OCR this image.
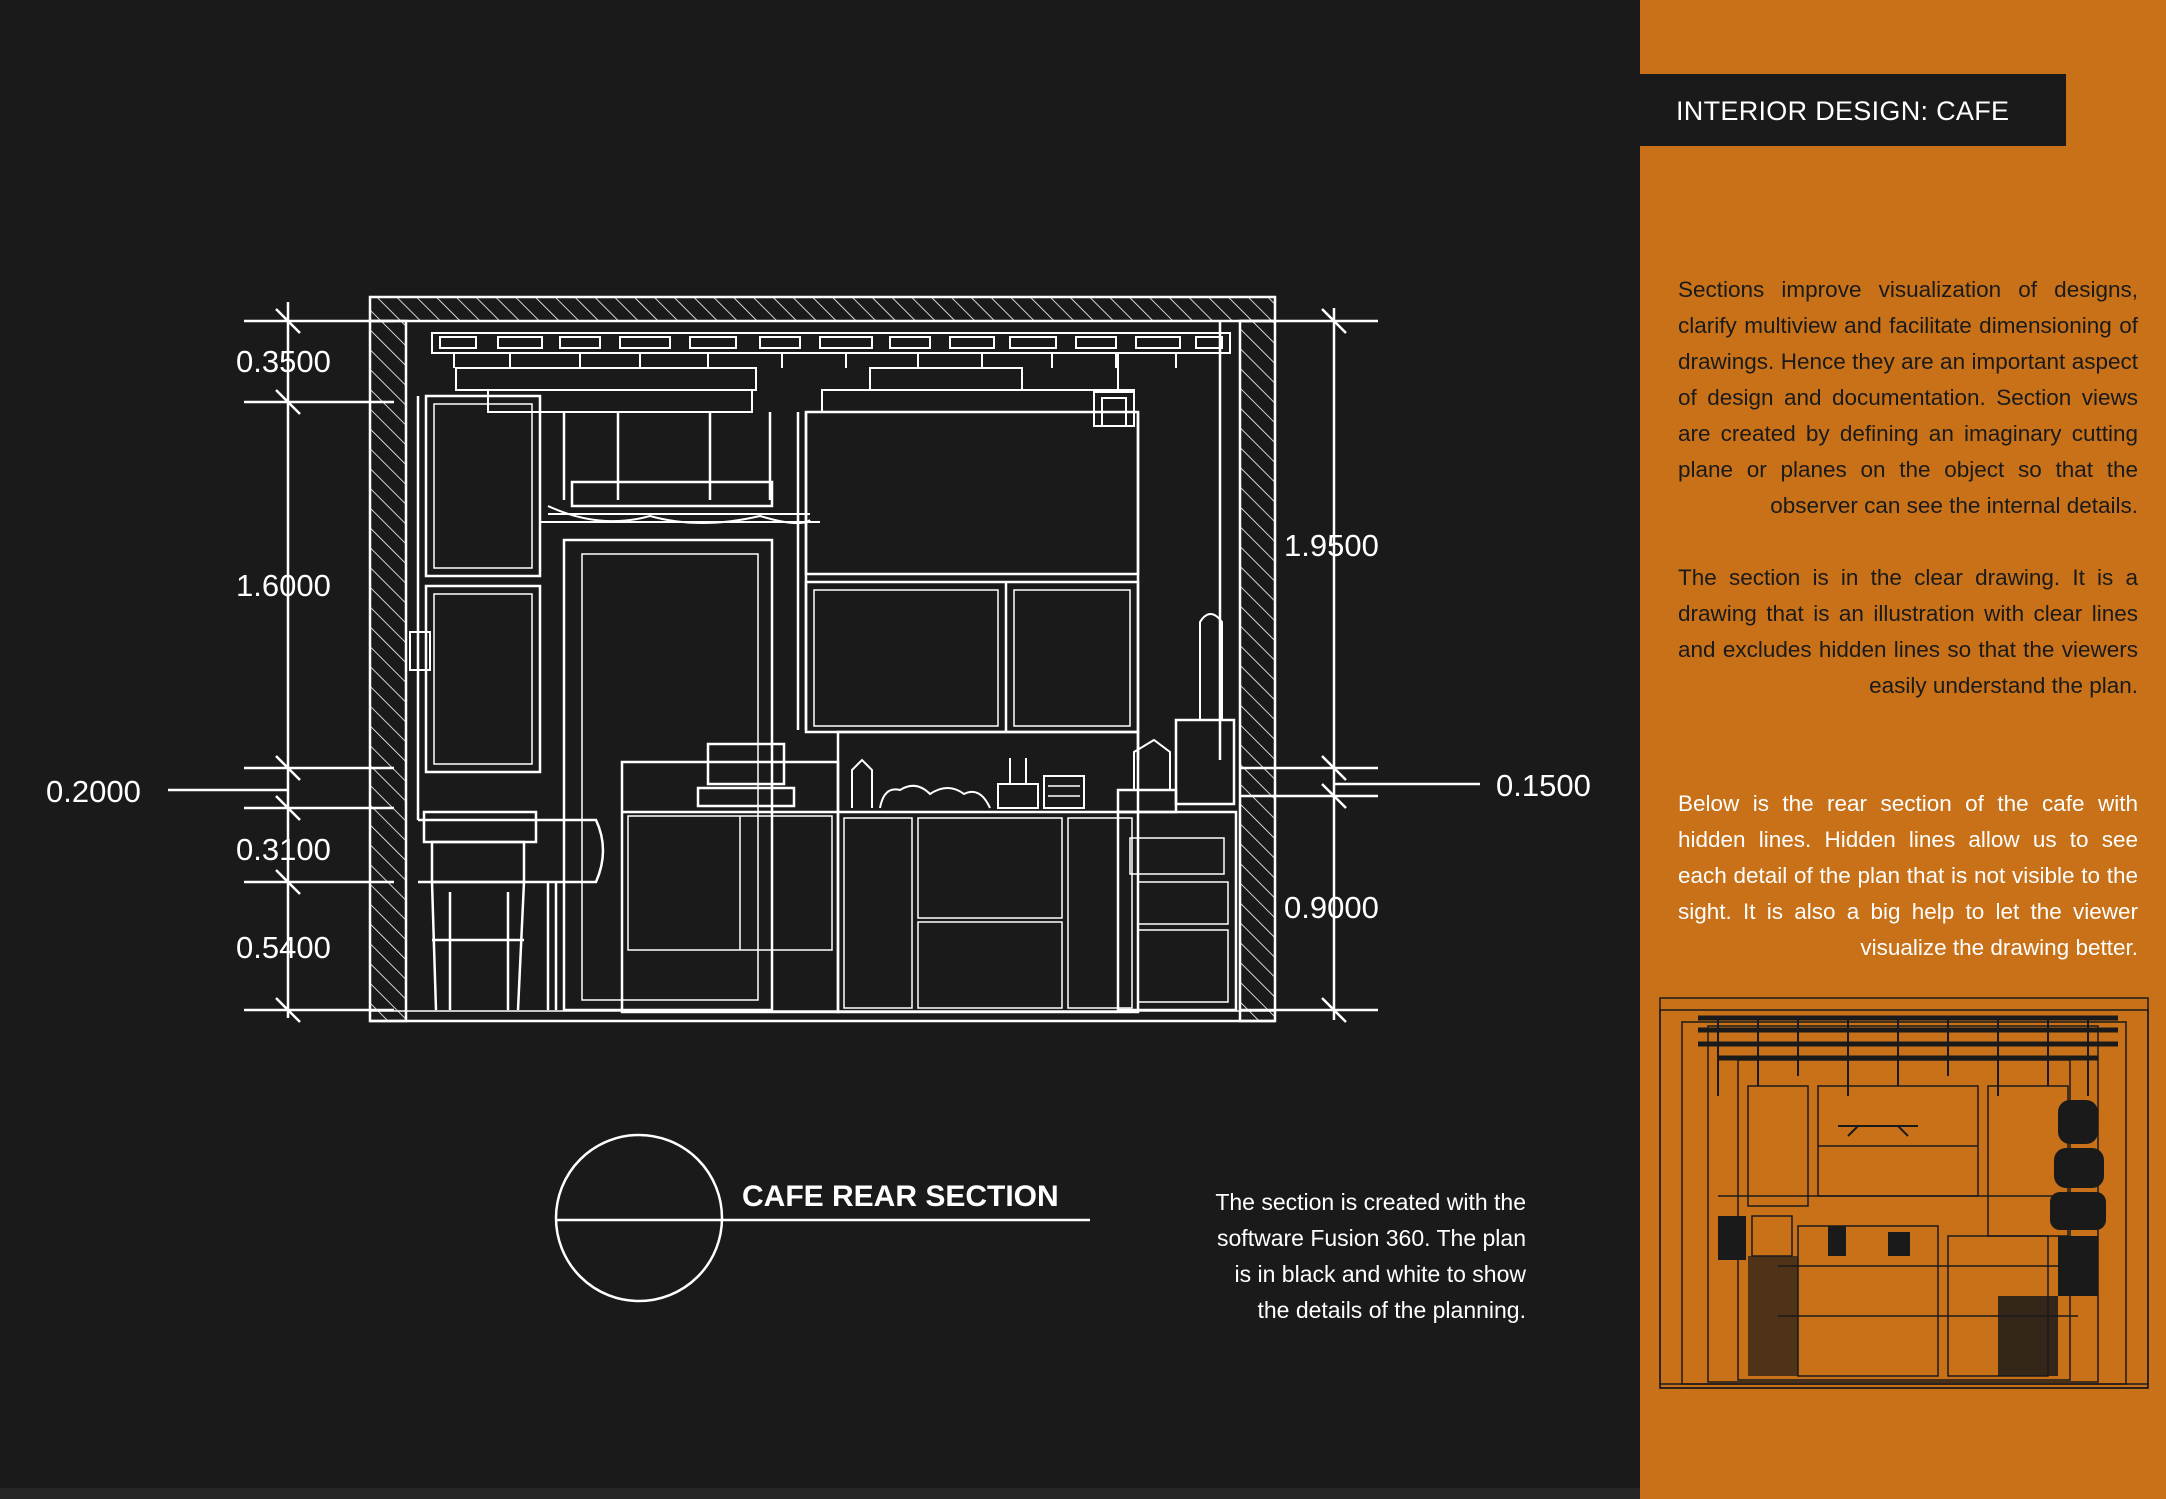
0.3500
1.6000
0.2000
0.3100
0.5400
1.9500
0.1500
0.9000
CAFE REAR SECTION	The section is created with the
software Fusion 360. The plan
is in black and white to show
the details of the planning.
INTERIOR DESIGN: CAFE

Sections improve visualization of designs, clarify multiview and facilitate dimensioning of drawings. Hence they are an important aspect of design and documentation. Section views are created by defining an imaginary cutting plane or planes on the object so that the observer can see the internal details.

The section is in the clear drawing. It is a drawing that is an illustration with clear lines and excludes hidden lines so that the viewers easily understand the plan.

Below is the rear section of the cafe with hidden lines. Hidden lines allow us to see each detail of the plan that is not visible to the sight. It is also a big help to let the viewer visualize the drawing better.
